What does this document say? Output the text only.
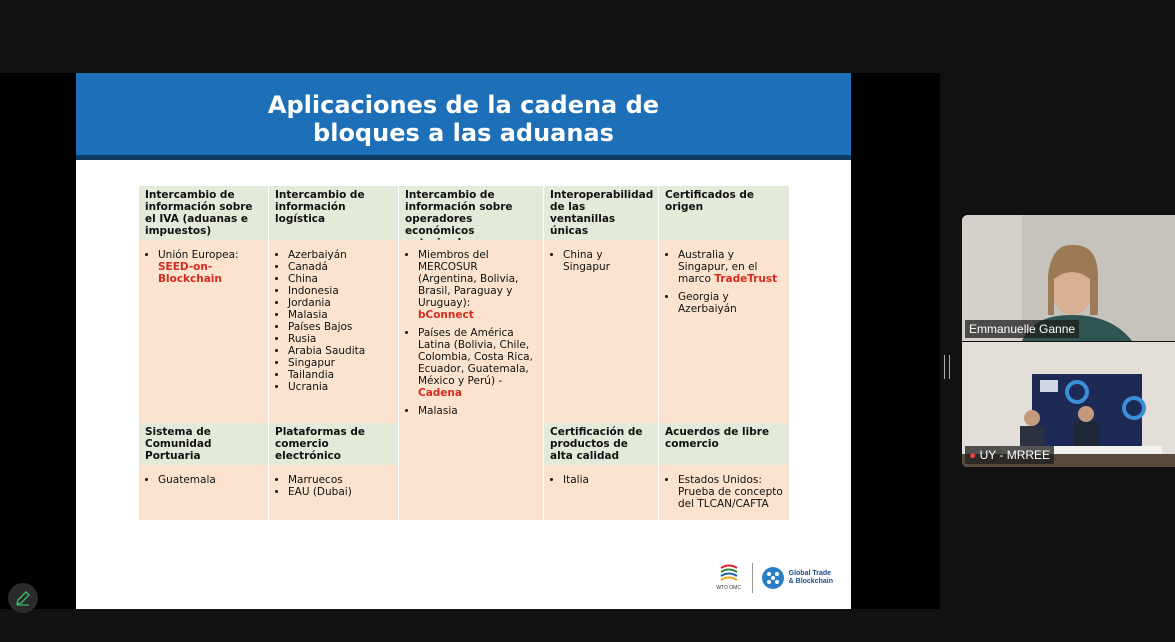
Aplicaciones de la cadena de
bloques a las aduanas
Intercambio de información sobre el IVA (aduanas e impuestos)
Intercambio de información logística
Intercambio de información sobre operadores económicos
Interoperabilidad de las ventanillas únicas
Certificados de origen
• Unión Europea:
SEED-on-Blockchain
• Azerbaiyán
• Canadá
• China
• Indonesia
• Jordania
• Malasia
• Países Bajos
• Rusia
• Arabia Saudita
• Singapur
• Tailandia
• Ucrania
• Miembros del MERCOSUR (Argentina, Bolivia, Brasil, Paraguay y Uruguay):
bConnect
• Países de América Latina (Bolivia, Chile, Colombia, Costa Rica, Ecuador, Guatemala, México y Perú) - Cadena
• Malasia
• China y Singapur
• Australia y Singapur, en el marco TradeTrust
• Georgia y Azerbaiyán
Sistema de Comunidad Portuaria
Plataformas de comercio electrónico
Certificación de productos de alta calidad
Acuerdos de libre comercio
• Guatemala	• Marruecos
• EAU (Dubai)
• Italia	• Estados Unidos: Prueba de concepto del TLCAN/CAFTA
WTO OMC
Global Trade
& Blockchain
Emmanuelle Ganne
● UY - MRREE
